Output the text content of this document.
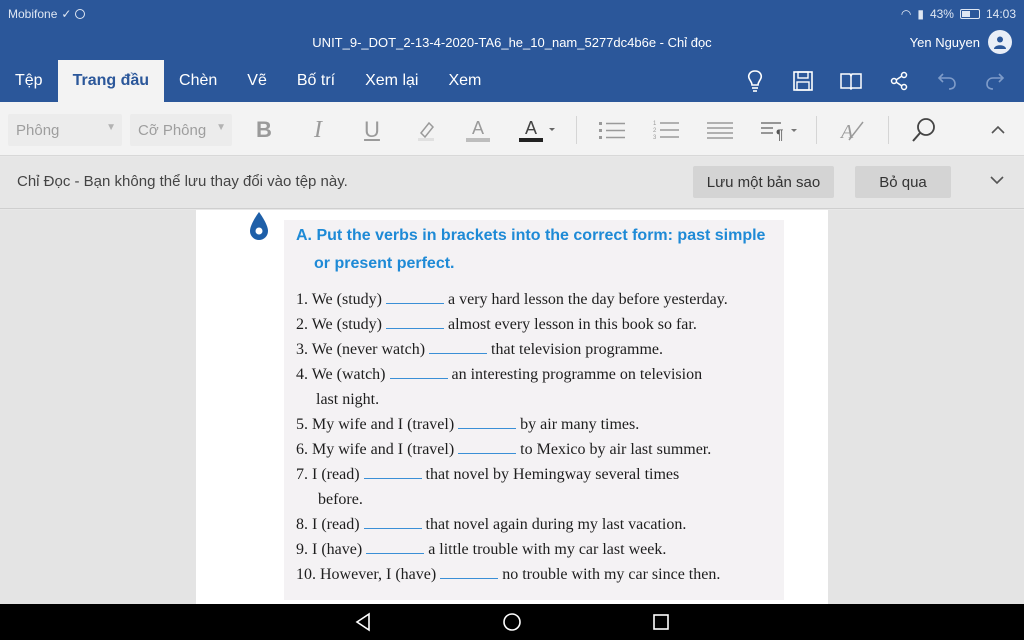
Mobifone ✓	◠ ▮ 43%	14:03
UNIT_9-_DOT_2-13-4-2020-TA6_he_10_nam_5277dc4b6e - Chỉ đọc	Yen Nguyen
Tệp	Trang đầu	Chèn	Vẽ	Bố trí	Xem lại	Xem
Phông	▼ Cỡ Phông ▼	B	I	U	A A	1
2
3	¶	A
Chỉ Đọc - Bạn không thể lưu thay đổi vào tệp này.	Lưu một bản sao	Bỏ qua
A. Put the verbs in brackets into the correct form: past simple
or present perfect.
1. We (study)	a very hard lesson the day before yesterday.
2. We (study)	almost every lesson in this book so far.
3. We (never watch)	that television programme.
4. We (watch)	an interesting programme on television
last night.
5. My wife and I (travel)	by air many times.
6. My wife and I (travel)	to Mexico by air last summer.
7. I (read)	that novel by Hemingway several times
before.
8. I (read)	that novel again during my last vacation.
9. I (have)	a little trouble with my car last week.
10. However, I (have)	no trouble with my car since then.
